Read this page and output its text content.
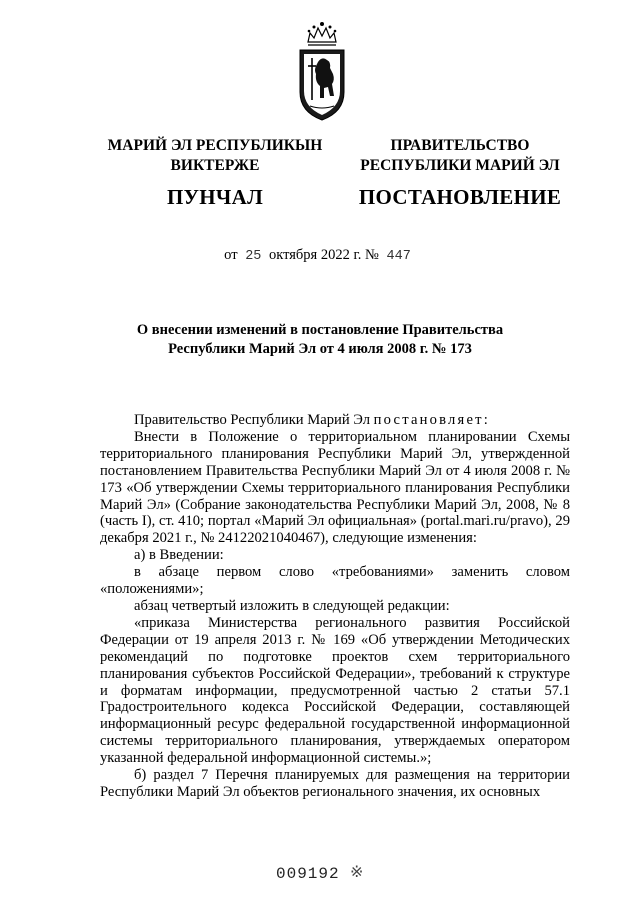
МАРИЙ ЭЛ РЕСПУБЛИКЫН
ВИКТЕРЖЕ
ПУНЧАЛ
ПРАВИТЕЛЬСТВО
РЕСПУБЛИКИ МАРИЙ ЭЛ
ПОСТАНОВЛЕНИЕ
от 25 октября 2022 г. № 447
О внесении изменений в постановление Правительства
Республики Марий Эл от 4 июля 2008 г. № 173

Правительство Республики Марий Эл постановляет:

Внести в Положение о территориальном планировании Схемы территориального планирования Республики Марий Эл, утвержденной постановлением Правительства Республики Марий Эл от 4 июля 2008 г. № 173 «Об утверждении Схемы территориального планирования Республики Марий Эл» (Собрание законодательства Республики Марий Эл, 2008, № 8 (часть I), ст. 410; портал «Марий Эл официальная» (portal.mari.ru/pravo), 29 декабря 2021 г., № 24122021040467), следующие изменения:

а) в Введении:

в абзаце первом слово «требованиями» заменить словом «положениями»;

абзац четвертый изложить в следующей редакции:

«приказа Министерства регионального развития Российской Федерации от 19 апреля 2013 г. № 169 «Об утверждении Методических рекомендаций по подготовке проектов схем территориального планирования субъектов Российской Федерации», требований к структуре и форматам информации, предусмотренной частью 2 статьи 57.1 Градостроительного кодекса Российской Федерации, составляющей информационный ресурс федеральной государственной информационной системы территориального планирования, утверждаемых оператором указанной федеральной информационной системы.»;

б) раздел 7 Перечня планируемых для размещения на территории Республики Марий Эл объектов регионального значения, их основных

009192 ※
